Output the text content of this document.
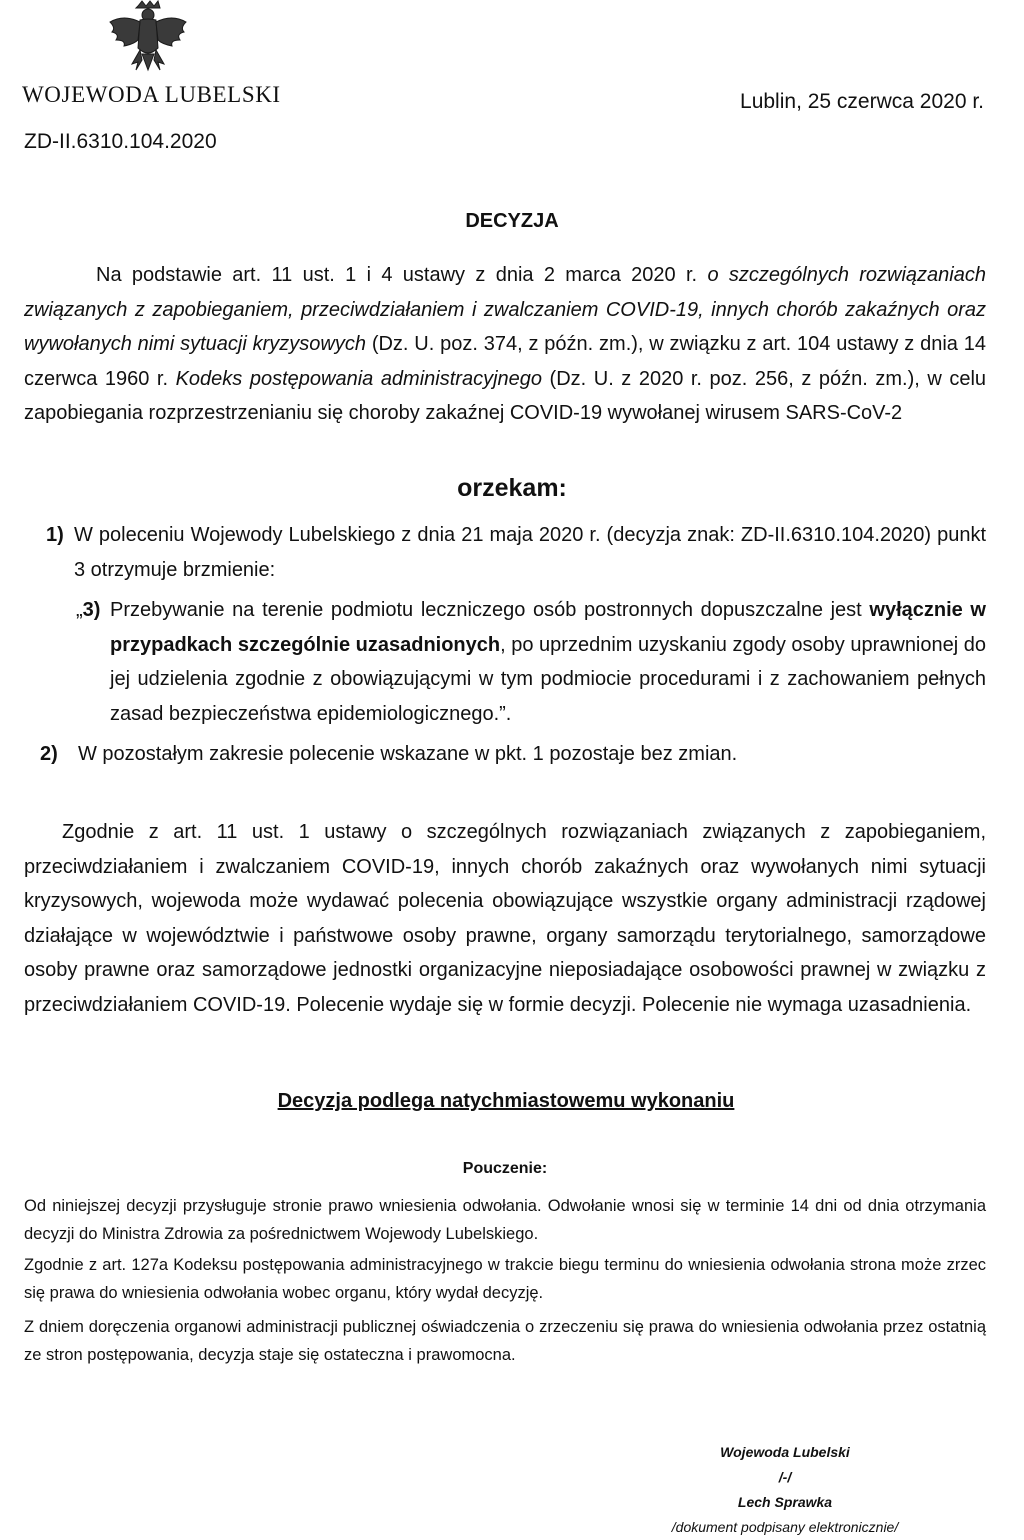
WOJEWODA LUBELSKI	Lublin, 25 czerwca 2020 r.
ZD-II.6310.104.2020
DECYZJA
Na podstawie art. 11 ust. 1 i 4 ustawy z dnia 2 marca 2020 r. o szczególnych rozwiązaniach związanych z zapobieganiem, przeciwdziałaniem i zwalczaniem COVID-19, innych chorób zakaźnych oraz wywołanych nimi sytuacji kryzysowych (Dz. U. poz. 374, z późn. zm.), w związku z art. 104 ustawy z dnia 14 czerwca 1960 r. Kodeks postępowania administracyjnego (Dz. U. z 2020 r. poz. 256, z późn. zm.), w celu zapobiegania rozprzestrzenianiu się choroby zakaźnej COVID-19 wywołanej wirusem SARS-CoV-2
orzekam:
1) W poleceniu Wojewody Lubelskiego z dnia 21 maja 2020 r. (decyzja znak: ZD-II.6310.104.2020) punkt 3 otrzymuje brzmienie:
„3) Przebywanie na terenie podmiotu leczniczego osób postronnych dopuszczalne jest wyłącznie w przypadkach szczególnie uzasadnionych, po uprzednim uzyskaniu zgody osoby uprawnionej do jej udzielenia zgodnie z obowiązującymi w tym podmiocie procedurami i z zachowaniem pełnych zasad bezpieczeństwa epidemiologicznego.”.
2) W pozostałym zakresie polecenie wskazane w pkt. 1 pozostaje bez zmian.
Zgodnie z art. 11 ust. 1 ustawy o szczególnych rozwiązaniach związanych z zapobieganiem, przeciwdziałaniem i zwalczaniem COVID-19, innych chorób zakaźnych oraz wywołanych nimi sytuacji kryzysowych, wojewoda może wydawać polecenia obowiązujące wszystkie organy administracji rządowej działające w województwie i państwowe osoby prawne, organy samorządu terytorialnego, samorządowe osoby prawne oraz samorządowe jednostki organizacyjne nieposiadające osobowości prawnej w związku z przeciwdziałaniem COVID-19. Polecenie wydaje się w formie decyzji. Polecenie nie wymaga uzasadnienia.
Decyzja podlega natychmiastowemu wykonaniu
Pouczenie:
Od niniejszej decyzji przysługuje stronie prawo wniesienia odwołania. Odwołanie wnosi się w terminie 14 dni od dnia otrzymania decyzji do Ministra Zdrowia za pośrednictwem Wojewody Lubelskiego.
Zgodnie z art. 127a Kodeksu postępowania administracyjnego w trakcie biegu terminu do wniesienia odwołania strona może zrzec się prawa do wniesienia odwołania wobec organu, który wydał decyzję.
Z dniem doręczenia organowi administracji publicznej oświadczenia o zrzeczeniu się prawa do wniesienia odwołania przez ostatnią ze stron postępowania, decyzja staje się ostateczna i prawomocna.
Wojewoda Lubelski
/-/
Lech Sprawka
/dokument podpisany elektronicznie/
